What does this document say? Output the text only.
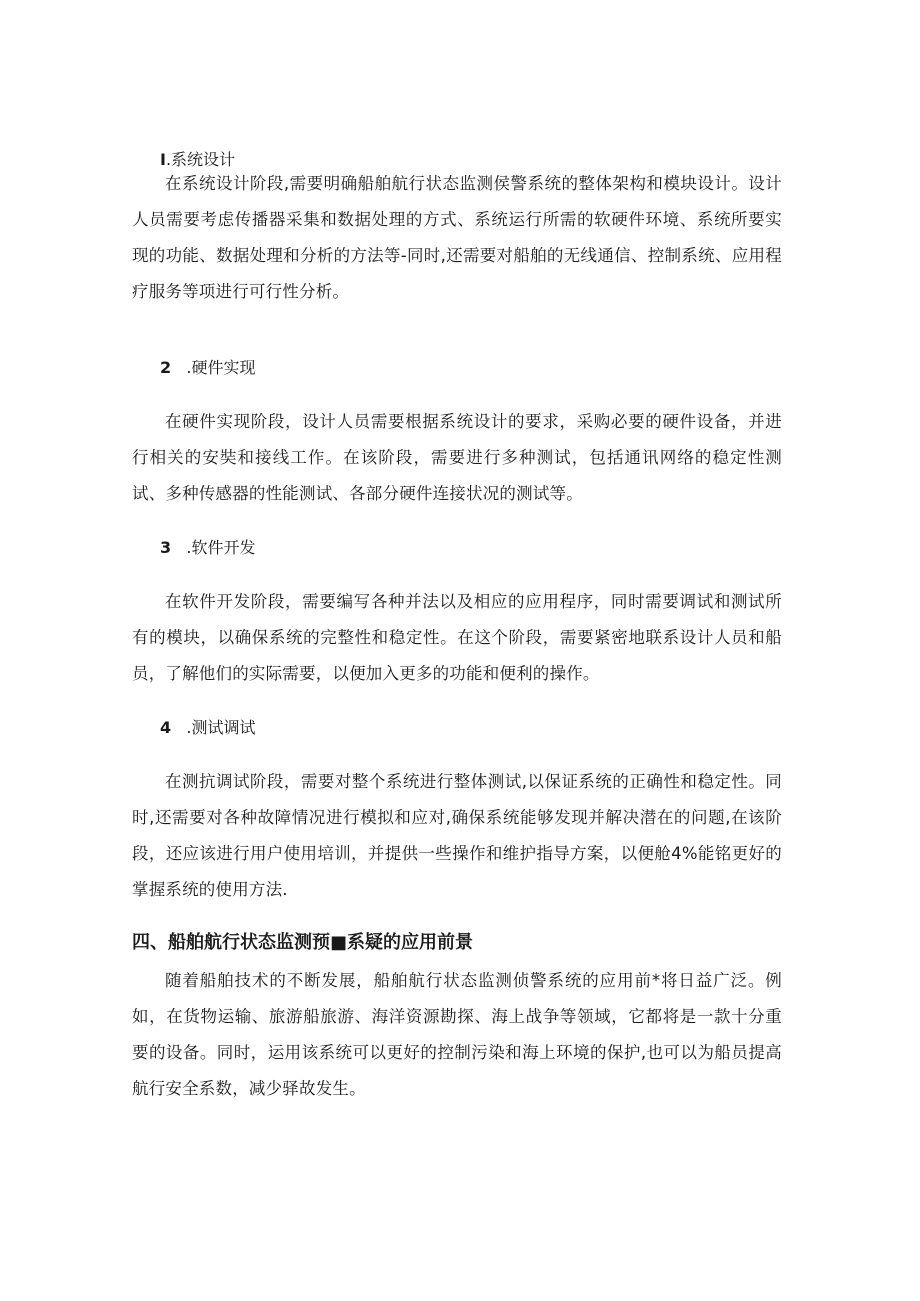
I.系统设计

在系统设计阶段,需要明确船舶航行状态监测侯警系统的整体架构和模块设计。设计人员需要考虑传播器采集和数据处理的方式、系统运行所需的软硬件环境、系统所要实现的功能、数据处理和分析的方法等-同时,还需要对船舶的无线通信、控制系统、应用程疗服务等项进行可行性分析。

2 .硬件实现

在硬件实现阶段，设计人员需要根据系统设计的要求，采购必要的硬件设备，并进行相关的安奘和接线工作。在该阶段，需要进行多种测试，包括通讯网络的稳定性测试、多种传感器的性能测试、各部分硬件连接状况的测试等。

3 .软件开发

在软件开发阶段，需要编写各种并法以及相应的应用程序，同时需要调试和测试所有的模块，以确保系统的完整性和稳定性。在这个阶段，需要紧密地联系设计人员和船员，了解他们的实际需要，以便加入更多的功能和便利的操作。

4 .测试调试

在测抗调试阶段，需要对整个系统进行整体测试,以保证系统的正确性和稳定性。同时,还需要对各种故障情况进行模拟和应对,确保系统能够发现并解决潜在的问题,在该阶段，还应该进行用户使用培训，并提供一些操作和维护指导方案，以便舱4%能铭更好的掌握系统的使用方法.

四、船舶航行状态监测预■系疑的应用前景

随着船舶技术的不断发展，船舶航行状态监测侦警系统的应用前*将日益广泛。例如，在货物运输、旅游船旅游、海洋资源勘探、海上战争等领域，它都将是一款十分重要的设备。同时，运用该系统可以更好的控制污染和海上环境的保护,也可以为船员提高航行安全系数，减少驿故发生。
